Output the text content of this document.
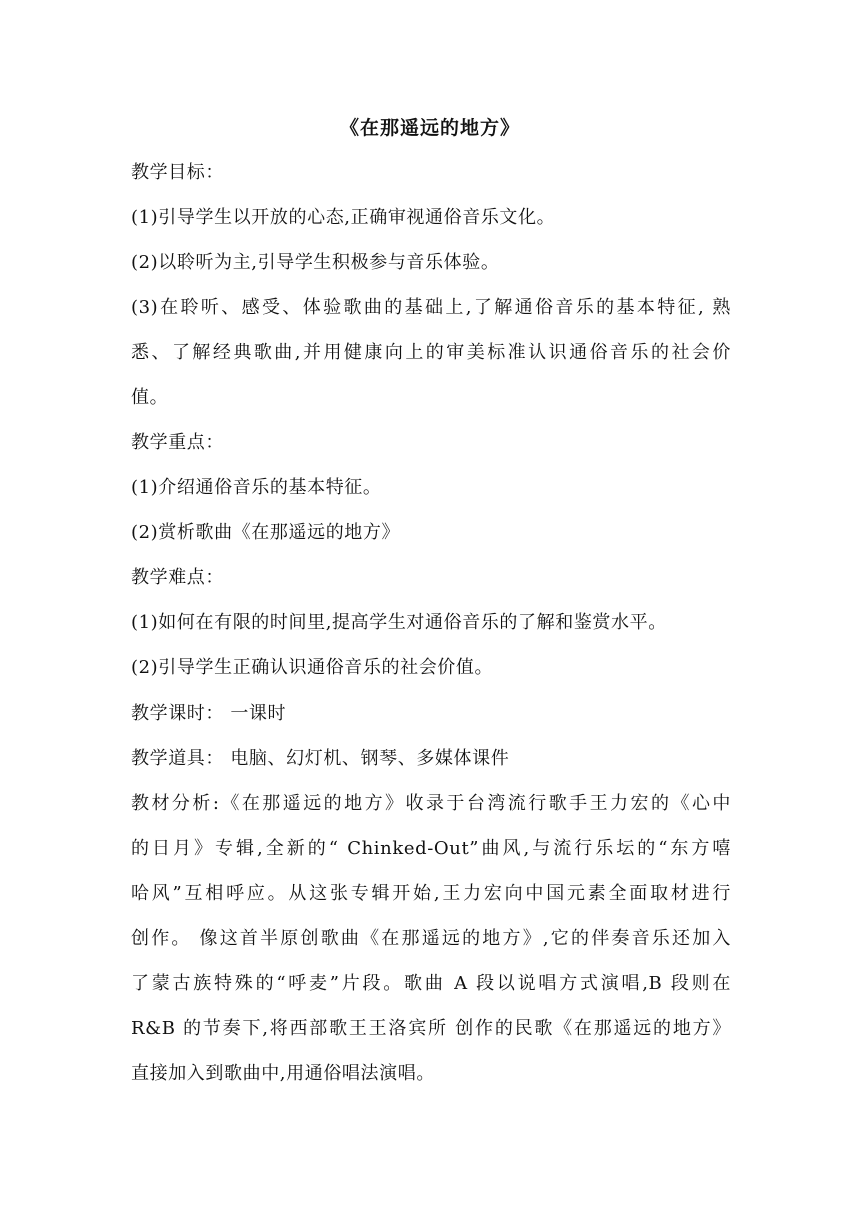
《在那遥远的地方》
教学目标：
(1)引导学生以开放的心态,正确审视通俗音乐文化。
(2)以聆听为主,引导学生积极参与音乐体验。
(3)在聆听、感受、体验歌曲的基础上,了解通俗音乐的基本特征, 熟
悉、了解经典歌曲,并用健康向上的审美标准认识通俗音乐的社会价
值。
教学重点：
(1)介绍通俗音乐的基本特征。
(2)赏析歌曲《在那遥远的地方》
教学难点：
(1)如何在有限的时间里,提高学生对通俗音乐的了解和鉴赏水平。
(2)引导学生正确认识通俗音乐的社会价值。
教学课时： 一课时
教学道具： 电脑、幻灯机、钢琴、多媒体课件
教材分析:《在那遥远的地方》收录于台湾流行歌手王力宏的《心中
的日月》专辑,全新的“ Chinked-Out”曲风,与流行乐坛的“东方嘻
哈风”互相呼应。从这张专辑开始,王力宏向中国元素全面取材进行
创作。 像这首半原创歌曲《在那遥远的地方》,它的伴奏音乐还加入
了蒙古族特殊的“呼麦”片段。歌曲 A 段以说唱方式演唱,B 段则在
R&B 的节奏下,将西部歌王王洛宾所 创作的民歌《在那遥远的地方》
直接加入到歌曲中,用通俗唱法演唱。
